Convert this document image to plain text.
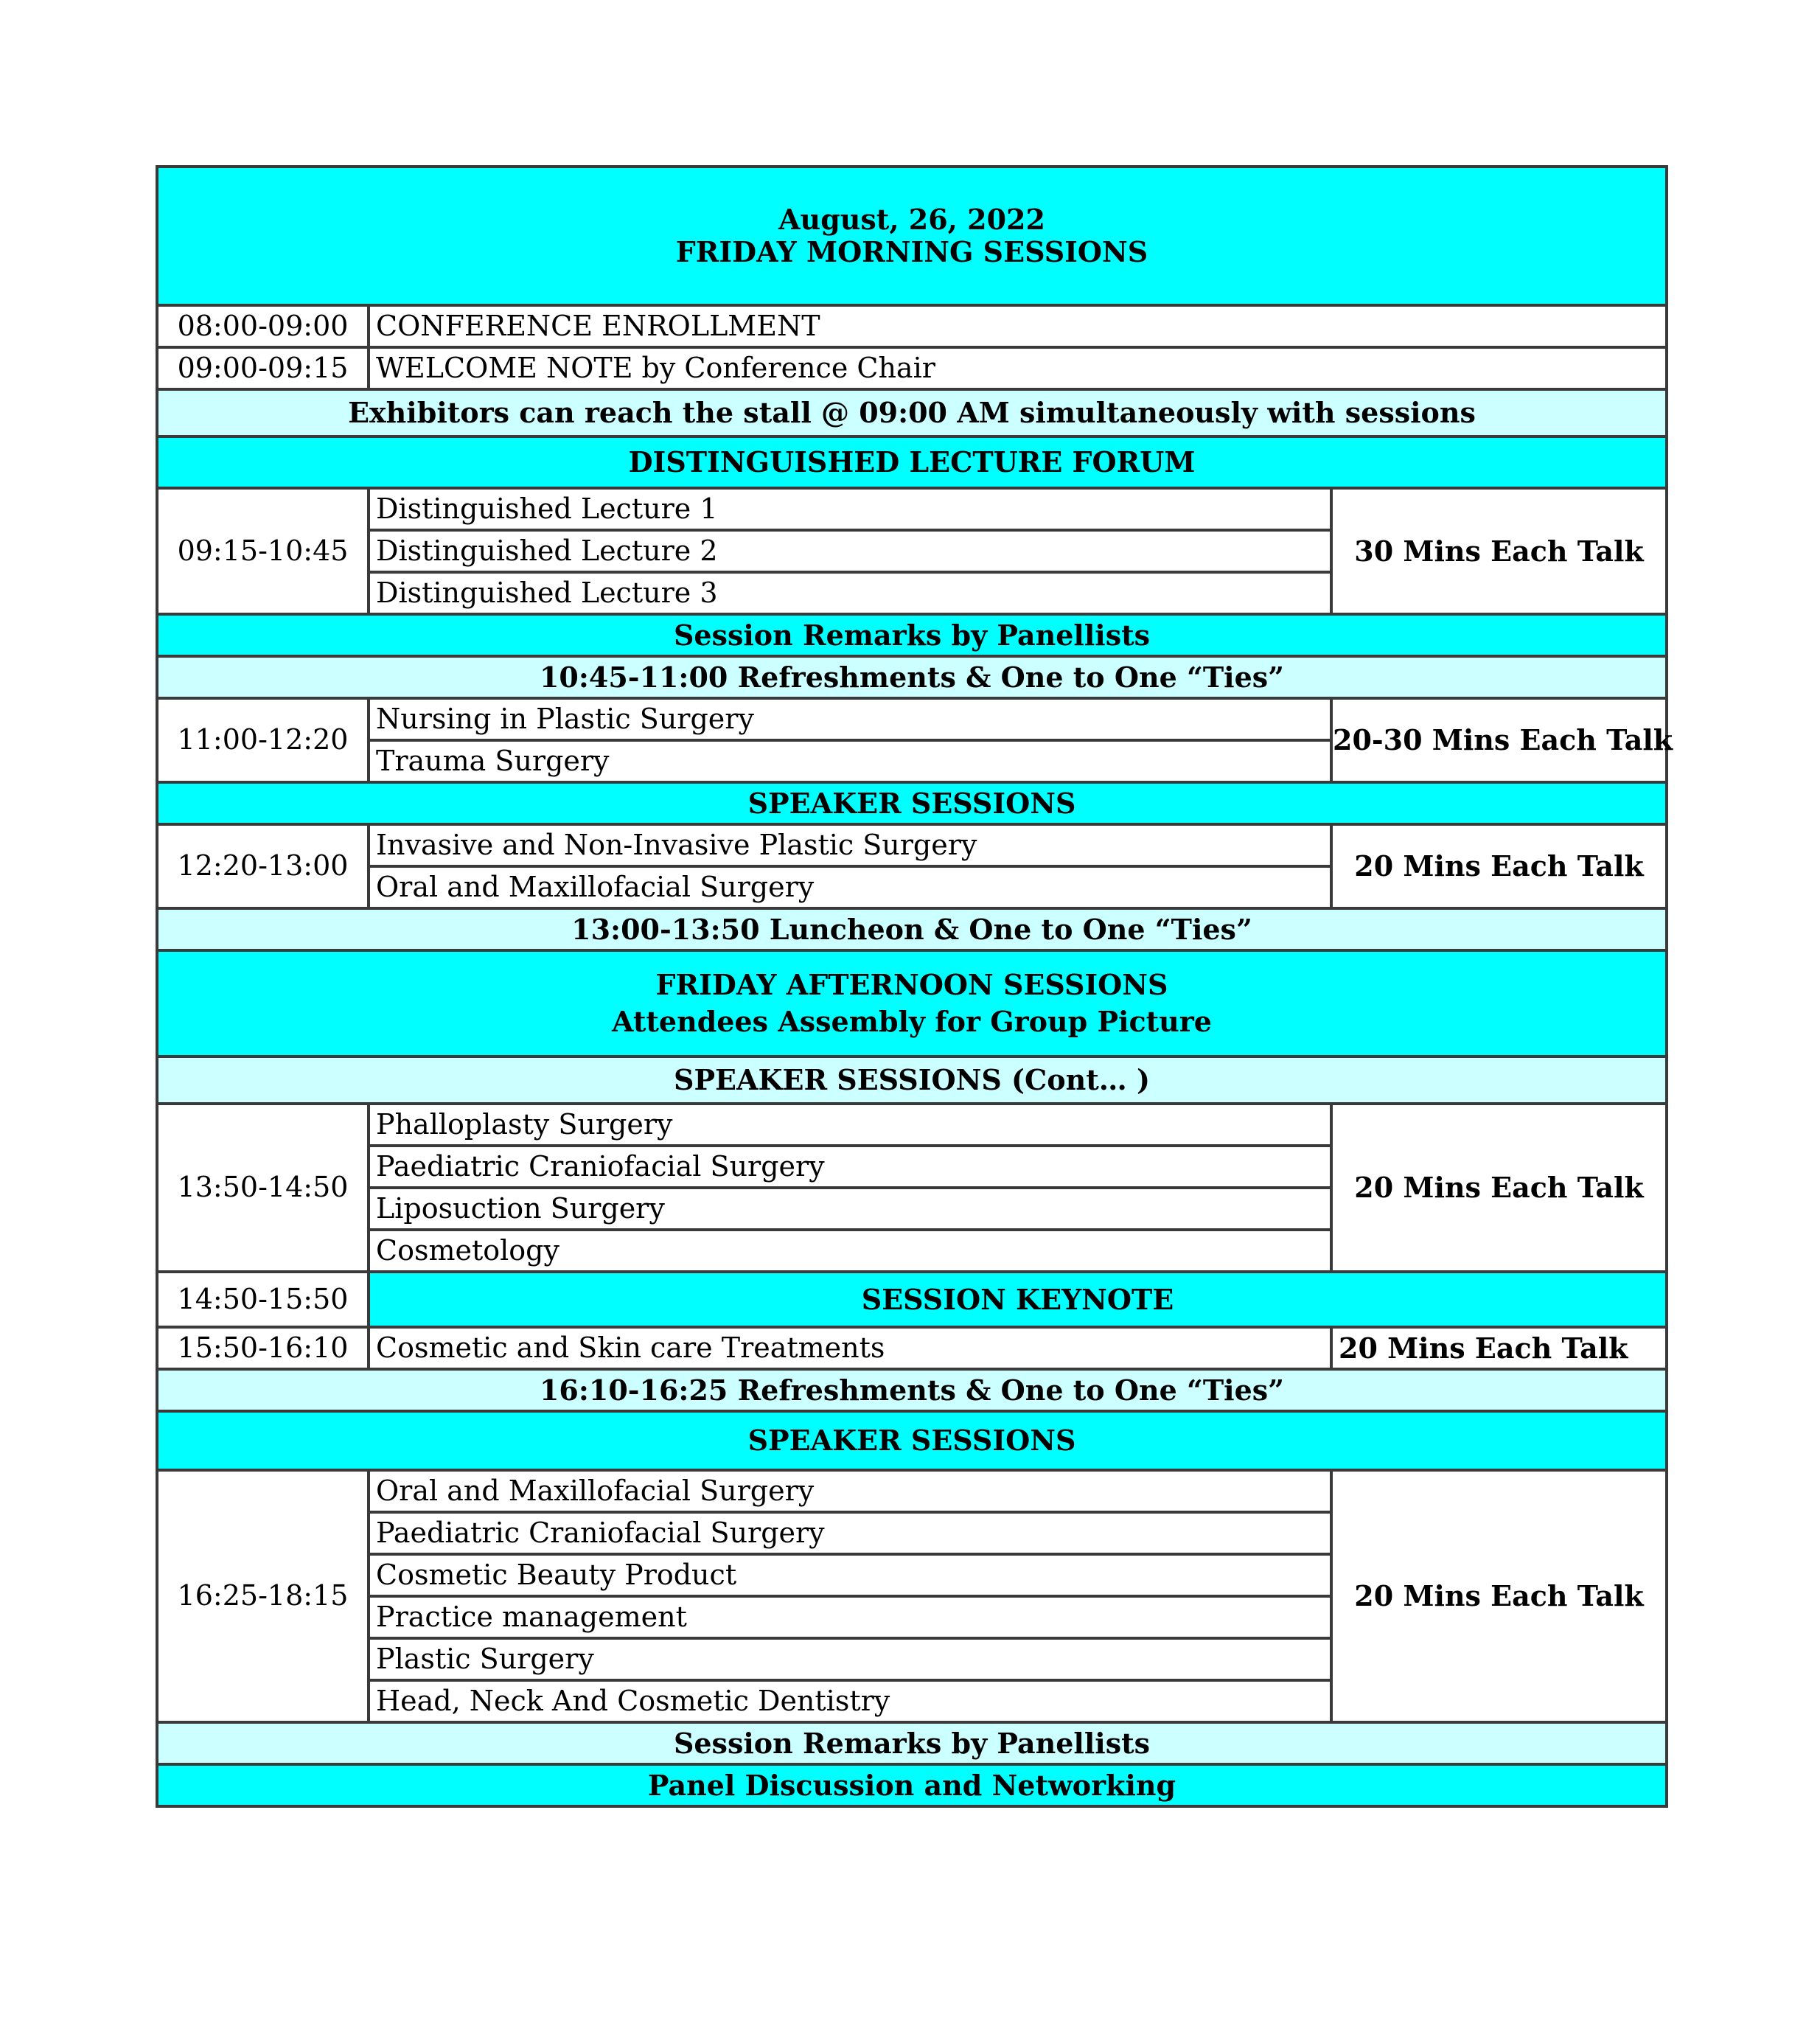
August, 26, 2022
FRIDAY MORNING SESSIONS		

08:00-09:00	CONFERENCE ENROLLMENT	
09:00-09:15	WELCOME NOTE by Conference Chair	
Exhibitors can reach the stall @ 09:00 AM simultaneously with sessions		
DISTINGUISHED LECTURE FORUM		
09:15-10:45	Distinguished Lecture 1	30 Mins Each Talk
	Distinguished Lecture 2	
	Distinguished Lecture 3	
Session Remarks by Panellists		
10:45-11:00 Refreshments & One to One “Ties”		
11:00-12:20	Nursing in Plastic Surgery	20-30 Mins Each Talk
	Trauma Surgery	
SPEAKER SESSIONS		
12:20-13:00	Invasive and Non-Invasive Plastic Surgery	20 Mins Each Talk
	Oral and Maxillofacial Surgery	
13:00-13:50 Luncheon & One to One “Ties”		

FRIDAY AFTERNOON SESSIONS
Attendees Assembly for Group Picture		

SPEAKER SESSIONS (Cont… )		
13:50-14:50	Phalloplasty Surgery	20 Mins Each Talk
	Paediatric Craniofacial Surgery	
	Liposuction Surgery	
	Cosmetology	
14:50-15:50	SESSION KEYNOTE	
15:50-16:10	Cosmetic and Skin care Treatments	20 Mins Each Talk
16:10-16:25 Refreshments & One to One “Ties”		
SPEAKER SESSIONS		
16:25-18:15	Oral and Maxillofacial Surgery	20 Mins Each Talk
	Paediatric Craniofacial Surgery	
	Cosmetic Beauty Product	
	Practice management	
	Plastic Surgery	
	Head, Neck And Cosmetic Dentistry	
Session Remarks by Panellists		
Panel Discussion and Networking		
